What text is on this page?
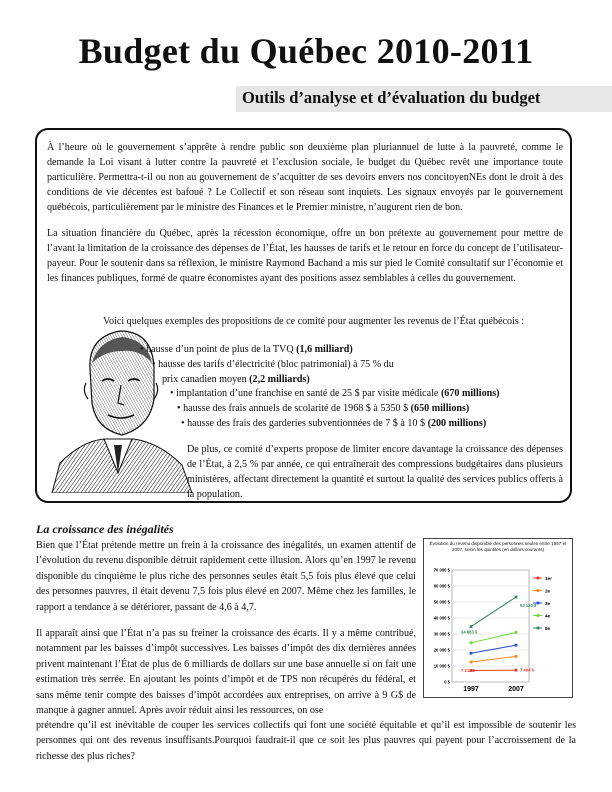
Budget du Québec 2010-2011
Outils d’analyse et d’évaluation du budget

À l’heure où le gouvernement s’apprête à rendre public son deuxième plan pluriannuel de lutte à la pauvreté, comme le demande la Loi visant à lutter contre la pauvreté et l’exclusion sociale, le budget du Québec revêt une importance toute particulière. Permettra-t-il ou non au gouvernement de s’acquitter de ses devoirs envers nos concitoyenNEs dont le droit à des conditions de vie décentes est bafoué ? Le Collectif et son réseau sont inquiets. Les signaux envoyés par le gouvernement québécois, particulièrement par le ministre des Finances et le Premier ministre, n’augurent rien de bon.

La situation financière du Québec, après la récession économique, offre un bon prétexte au gouvernement pour mettre de l’avant la limitation de la croissance des dépenses de l’État, les hausses de tarifs et le retour en force du concept de l’utilisateur-payeur. Pour le soutenir dans sa réflexion, le ministre Raymond Bachand a mis sur pied le Comité consultatif sur l’économie et les finances publiques, formé de quatre économistes ayant des positions assez semblables à celles du gouvernement.

Voici quelques exemples des propositions de ce comité pour augmenter les revenus de l’État québécois :

• hausse d’un point de plus de la TVQ (1,6 milliard)

• hausse des tarifs d’électricité (bloc patrimonial) à 75 % du

prix canadien moyen (2,2 milliards)

• implantation d’une franchise en santé de 25 $ par visite médicale (670 millions)

• hausse des frais annuels de scolarité de 1968 $ à 5350 $ (650 millions)

• hausse des frais des garderies subventionnées de 7 $ à 10 $ (200 millions)

De plus, ce comité d’experts propose de limiter encore davantage la croissance des dépenses de l’État, à 2,5 % par année, ce qui entraînerait des compressions budgétaires dans plusieurs ministères, affectant directement la quantité et surtout la qualité des services publics offerts à la population.

La croissance des inégalités

Bien que l’État prétende mettre un frein à la croissance des inégalités, un examen attentif de l’évolution du revenu disponible détruit rapidement cette illusion. Alors qu’en 1997 le revenu disponible du cinquième le plus riche des personnes seules était 5,5 fois plus élevé que celui des personnes pauvres, il était devenu 7,5 fois plus élevé en 2007. Même chez les familles, le rapport a tendance à se détériorer, passant de 4,6 à 4,7.

Il apparaît ainsi que l’État n’a pas su freiner la croissance des écarts. Il y a même contribué, notamment par les baisses d’impôt successives. Les baisses d’impôt des dix dernières années privent maintenant l’État de plus de 6 milliards de dollars sur une base annuelle si on fait une estimation très serrée. En ajoutant les points d’impôt et de TPS non récupérés du fédéral, et sans même tenir compte des baisses d’impôt accordées aux entreprises, on arrive à 9 G$ de manque à gagner annuel. Après avoir réduit ainsi les ressources, on ose

prétendre qu’il est inévitable de couper les services collectifs qui font une société équitable et qu’il est impossible de soutenir les personnes qui ont des revenus insuffisants.Pourquoi faudrait-il que ce soit les plus pauvres qui payent pour l’accroissement de la richesse des plus riches?

Évolution du revenu disponible des personnes seules entre 1997 et 2007, selon les quintiles (en dollars courants)

0 $
10 000 $
20 000 $
30 000 $
40 000 $
50 000 $
60 000 $
70 000 $
1997	2007
1er
2e
3e
4e
5e
34 663 $
53 120 $
7 212 $	7 404 $
